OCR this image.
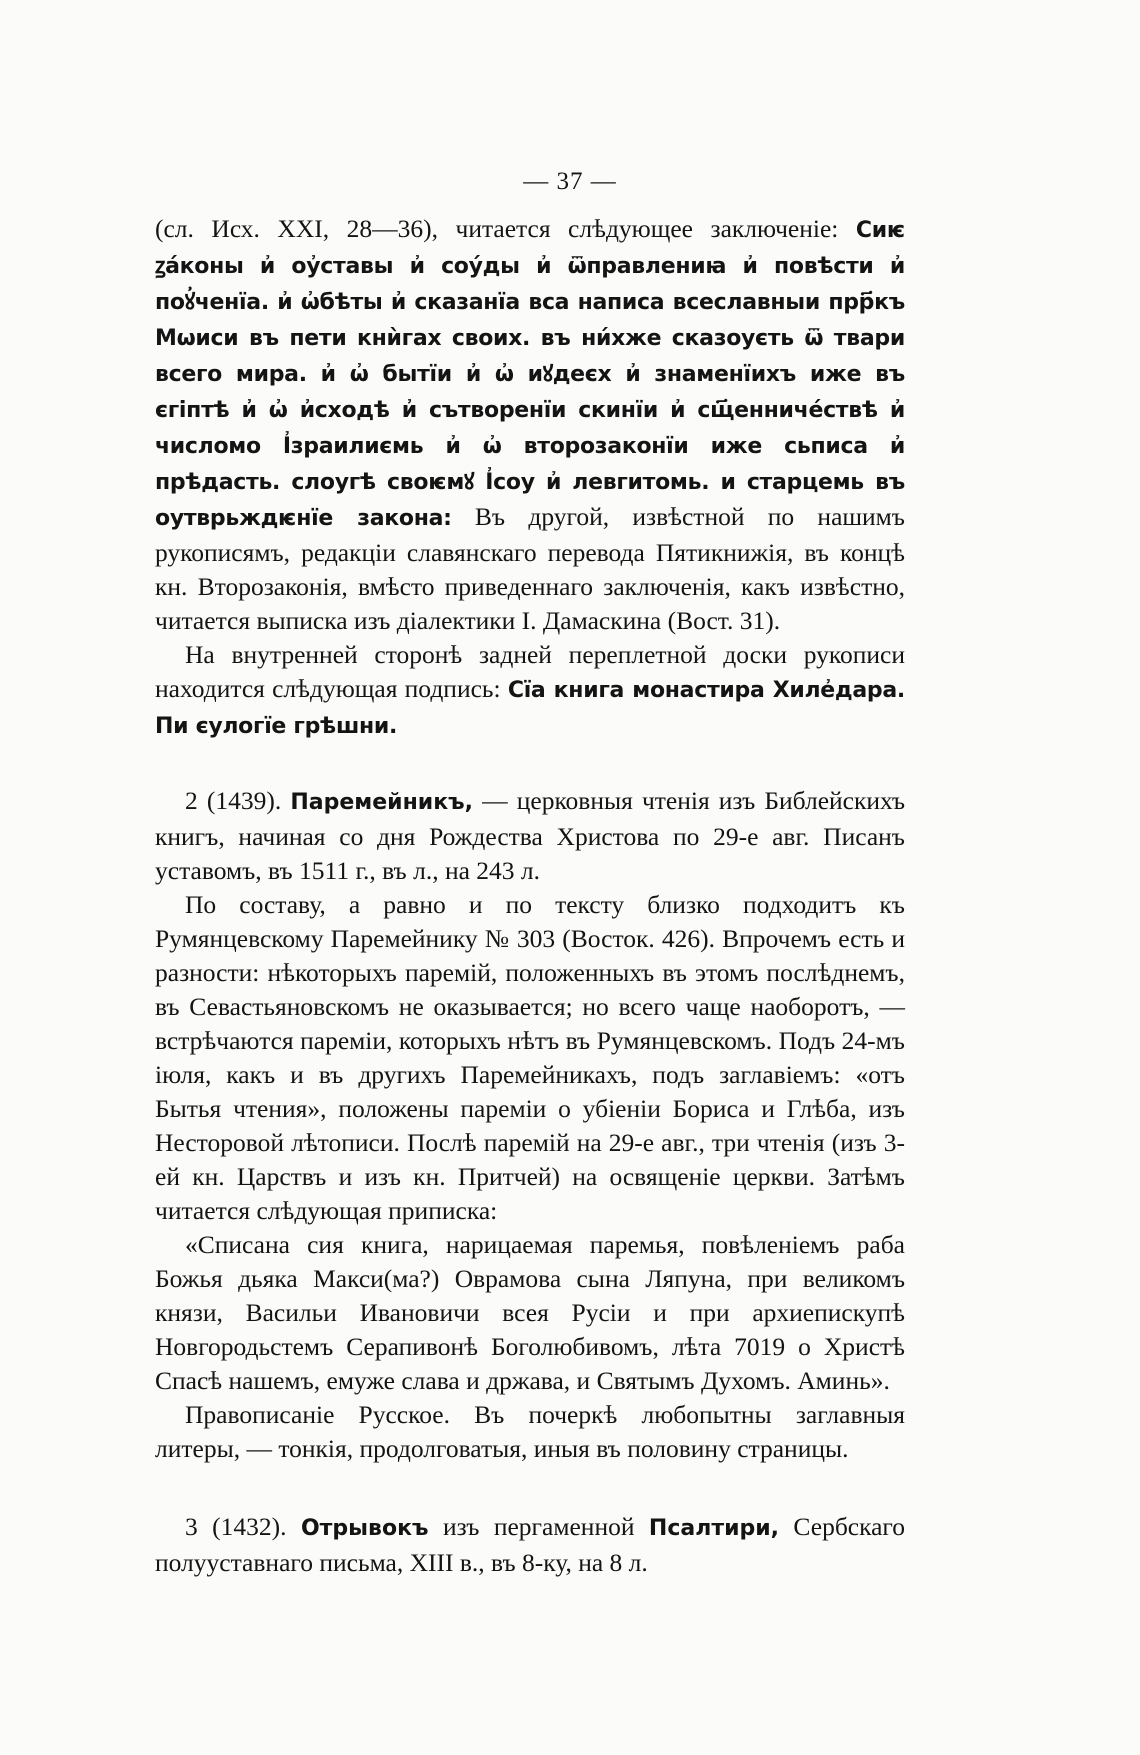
— 37 —

(сл. Исх. XXI, 28—36), читается слѣдующее заключеніе: Сиѥ ꙁа́коны и҆ оу҆ставы и҆ соу́ды и҆ ѿправлениꙗ и҆ повѣсти и҆ поꙋ҆ченїа. и҆ ѡ҆бѣты и҆ сказанїа вса написа всеславныи прр҃къ Мѡиси въ пети кнѝгах своих. въ ни́хже сказоуєть ѿ твари всего мира. и҆ ѡ҆ бытїи и҆ ѡ҆ иꙋдеєх и҆ знаменїихъ иже въ єгіптѣ и҆ ѡ҆ и҆сходѣ и҆ сътворенїи скинїи и҆ сщ҃енниче́ствѣ и҆ числомо І҆зраилиємь и҆ ѡ҆ второзаконїи иже сьписа и҆ прѣдасть. слоугѣ своѥмꙋ І҆соу и҆ левгитомь. и старцемь въ оутврьждѥнїе закона: Въ другой, извѣстной по нашимъ рукописямъ, редакціи славянскаго перевода Пятикнижія, въ концѣ кн. Второзаконія, вмѣсто приведеннаго заключенія, какъ извѣстно, читается выписка изъ діалектики І. Дамаскина (Вост. 31).

На внутренней сторонѣ задней переплетной доски рукописи находится слѣдующая подпись: Сїа книга монастира Хиле҆дара. Пи єулогїе грѣшни.

2 (1439). Паремейникъ, — церковныя чтенія изъ Библейскихъ книгъ, начиная со дня Рождества Христова по 29-е авг. Писанъ уставомъ, въ 1511 г., въ л., на 243 л.

По составу, а равно и по тексту близко подходитъ къ Румянцевскому Паремейнику № 303 (Восток. 426). Впрочемъ есть и разности: нѣкоторыхъ паремій, положенныхъ въ этомъ послѣднемъ, въ Севастьяновскомъ не оказывается; но всего чаще наоборотъ, — встрѣчаются пареміи, которыхъ нѣтъ въ Румянцевскомъ. Подъ 24-мъ іюля, какъ и въ другихъ Паремейникахъ, подъ заглавіемъ: «отъ Бытья чтения», положены пареміи о убіеніи Бориса и Глѣба, изъ Несторовой лѣтописи. Послѣ паремій на 29-е авг., три чтенія (изъ 3-ей кн. Царствъ и изъ кн. Притчей) на освященіе церкви. Затѣмъ читается слѣдующая приписка:

«Списана сия книга, нарицаемая паремья, повѣленіемъ раба Божья дьяка Макси(ма?) Оврамова сына Ляпуна, при великомъ князи, Васильи Ивановичи всея Русіи и при архиепискупѣ Новгородьстемъ Серапивонѣ Боголюбивомъ, лѣта 7019 о Христѣ Спасѣ нашемъ, емуже слава и држава, и Святымъ Духомъ. Аминь».

Правописаніе Русское. Въ почеркѣ любопытны заглавныя литеры, — тонкія, продолговатыя, иныя въ половину страницы.

3 (1432). Отрывокъ изъ пергаменной Псалтири, Сербскаго полууставнаго письма, XIII в., въ 8-ку, на 8 л.
